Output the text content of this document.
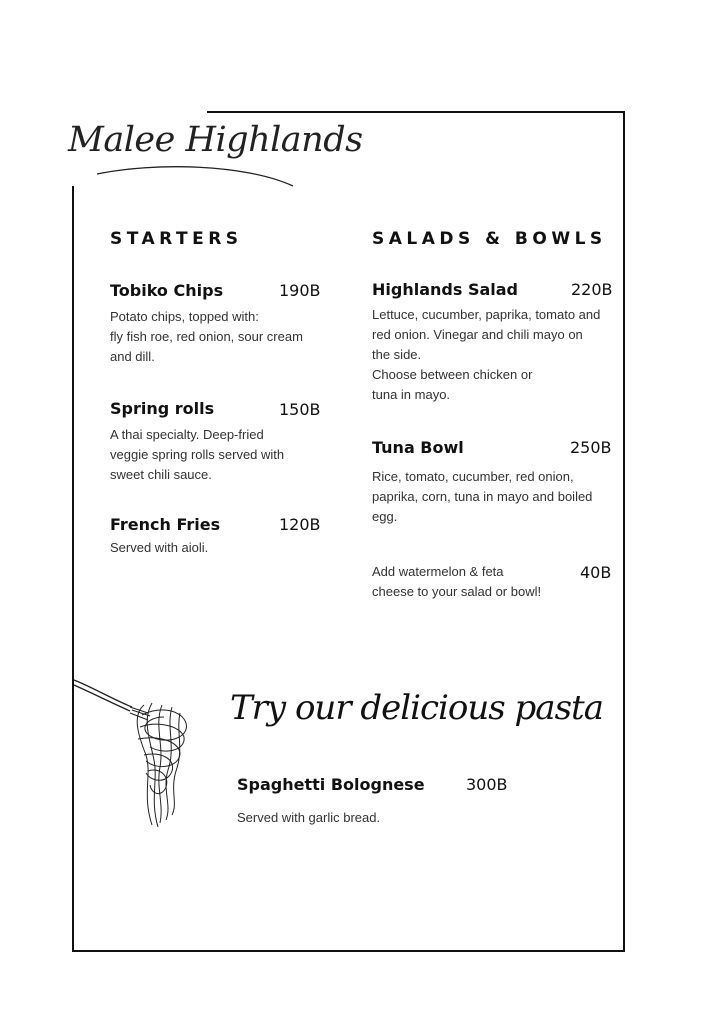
Malee Highlands
STARTERS
Tobiko Chips	190B
Potato chips, topped with:
fly fish roe, red onion, sour cream
and dill.
Spring rolls	150B
A thai specialty. Deep-fried
veggie spring rolls served with
sweet chili sauce.
French Fries	120B
Served with aioli.
SALADS & BOWLS
Highlands Salad	220B
Lettuce, cucumber, paprika, tomato and
red onion. Vinegar and chili mayo on
the side.
Choose between chicken or
tuna in mayo.
Tuna Bowl	250B
Rice, tomato, cucumber, red onion,
paprika, corn, tuna in mayo and boiled
egg.
Add watermelon & feta
cheese to your salad or bowl!
40B
Try our delicious pasta
Spaghetti Bolognese	300B
Served with garlic bread.
